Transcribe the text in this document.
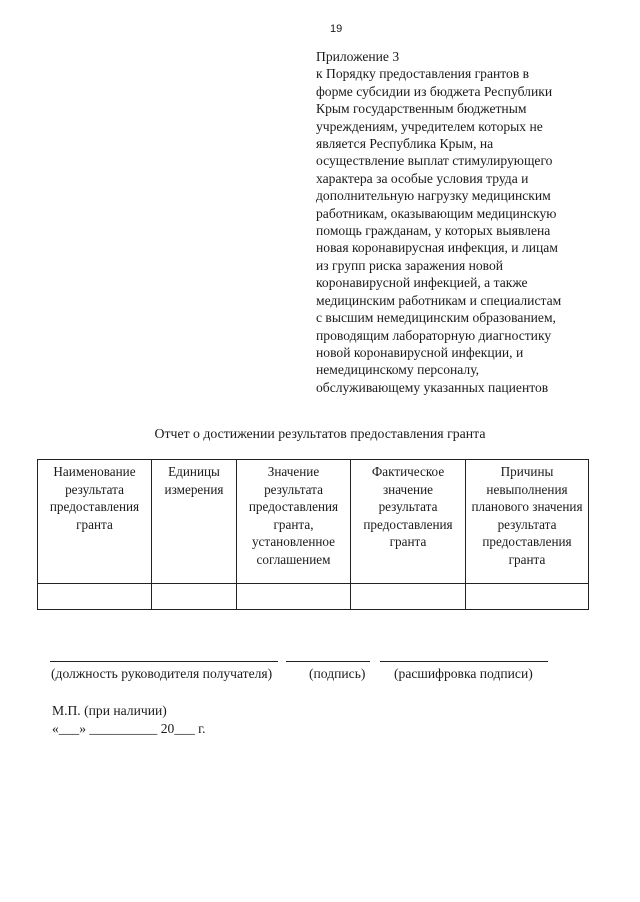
19
Приложение 3
к Порядку предоставления грантов в
форме субсидии из бюджета Республики
Крым государственным бюджетным
учреждениям, учредителем которых не
является Республика Крым, на
осуществление выплат стимулирующего
характера за особые условия труда и
дополнительную нагрузку медицинским
работникам, оказывающим медицинскую
помощь гражданам, у которых выявлена
новая коронавирусная инфекция, и лицам
из групп риска заражения новой
коронавирусной инфекцией, а также
медицинским работникам и специалистам
с высшим немедицинским образованием,
проводящим лабораторную диагностику
новой коронавирусной инфекции, и
немедицинскому персоналу,
обслуживающему указанных пациентов
Отчет о достижении результатов предоставления гранта
Наименование результата предоставления гранта	Единицы измерения	Значение результата предоставления гранта, установленное соглашением	Фактическое значение результата предоставления гранта	Причины невыполнения планового значения результата предоставления гранта

(должность руководителя получателя)	(подпись) (расшифровка подписи)
М.П. (при наличии)
«___» __________ 20___ г.
